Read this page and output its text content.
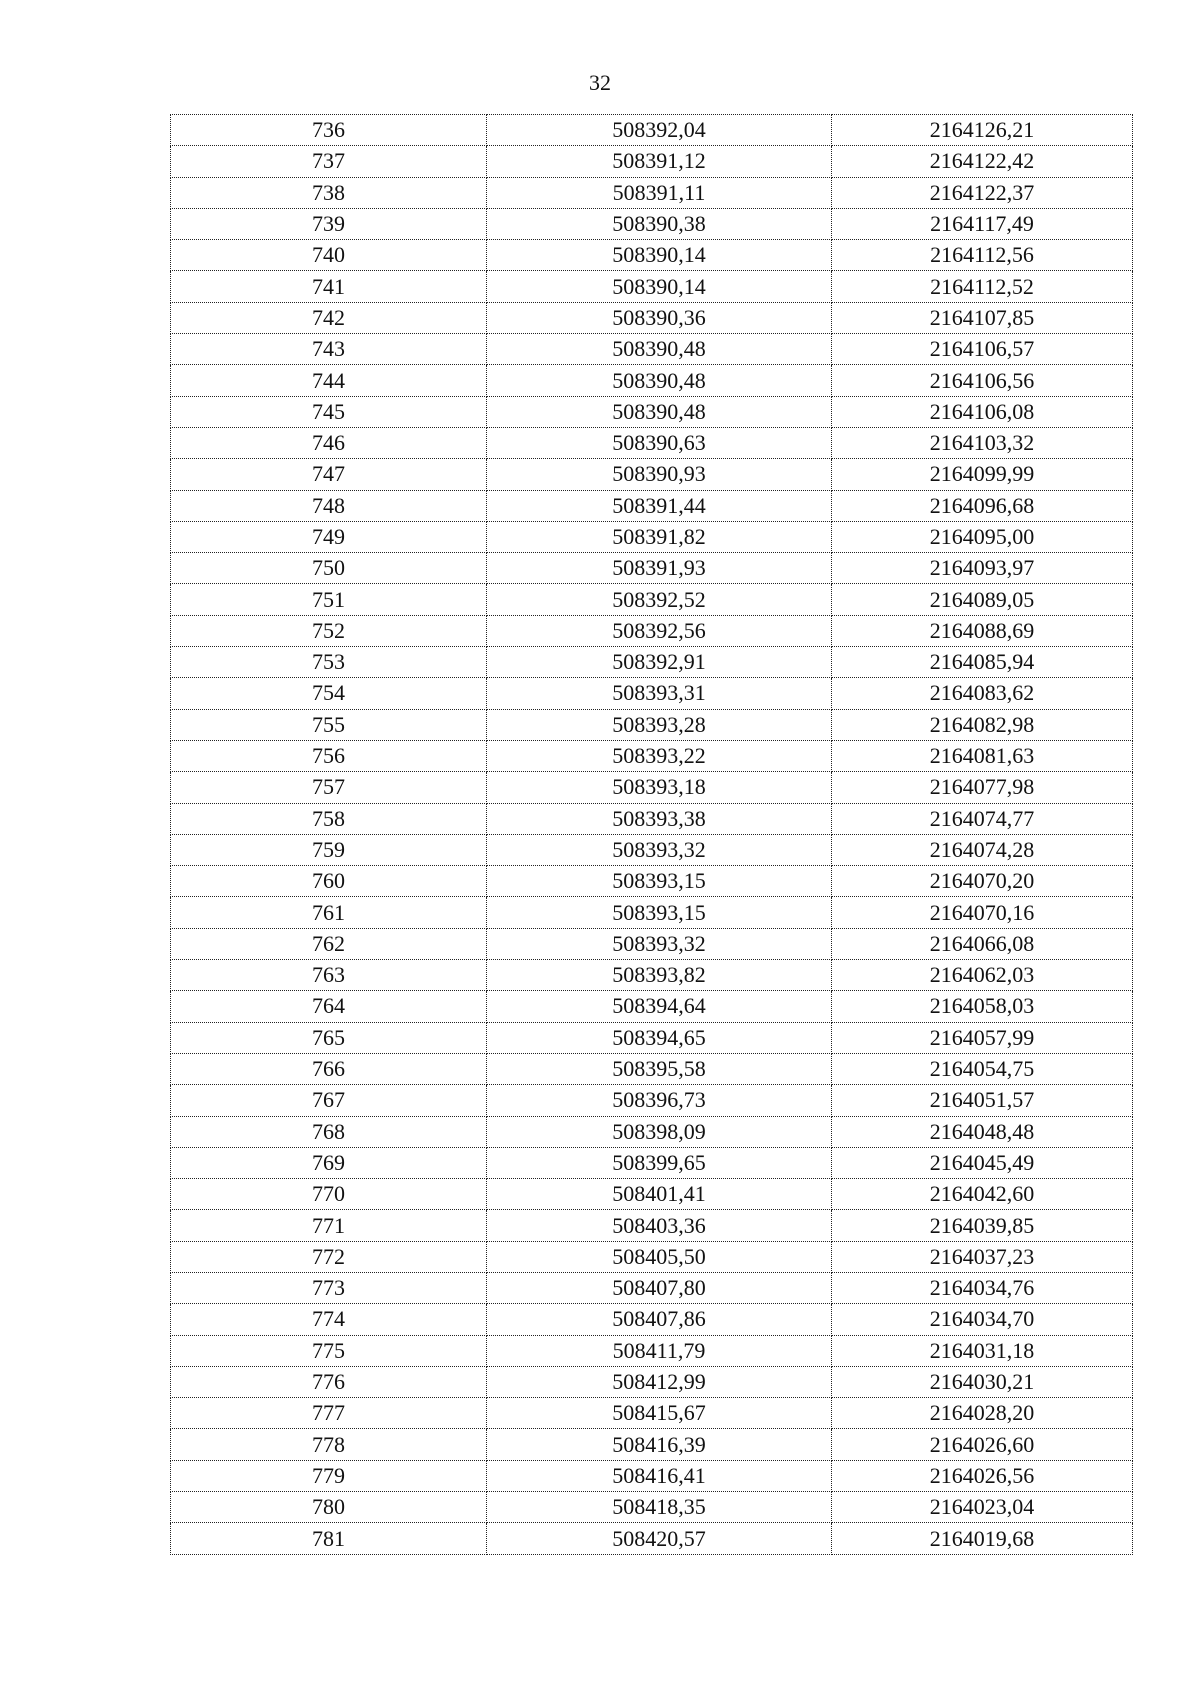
32
736	508392,04	2164126,21
737	508391,12	2164122,42
738	508391,11	2164122,37
739	508390,38	2164117,49
740	508390,14	2164112,56
741	508390,14	2164112,52
742	508390,36	2164107,85
743	508390,48	2164106,57
744	508390,48	2164106,56
745	508390,48	2164106,08
746	508390,63	2164103,32
747	508390,93	2164099,99
748	508391,44	2164096,68
749	508391,82	2164095,00
750	508391,93	2164093,97
751	508392,52	2164089,05
752	508392,56	2164088,69
753	508392,91	2164085,94
754	508393,31	2164083,62
755	508393,28	2164082,98
756	508393,22	2164081,63
757	508393,18	2164077,98
758	508393,38	2164074,77
759	508393,32	2164074,28
760	508393,15	2164070,20
761	508393,15	2164070,16
762	508393,32	2164066,08
763	508393,82	2164062,03
764	508394,64	2164058,03
765	508394,65	2164057,99
766	508395,58	2164054,75
767	508396,73	2164051,57
768	508398,09	2164048,48
769	508399,65	2164045,49
770	508401,41	2164042,60
771	508403,36	2164039,85
772	508405,50	2164037,23
773	508407,80	2164034,76
774	508407,86	2164034,70
775	508411,79	2164031,18
776	508412,99	2164030,21
777	508415,67	2164028,20
778	508416,39	2164026,60
779	508416,41	2164026,56
780	508418,35	2164023,04
781	508420,57	2164019,68
